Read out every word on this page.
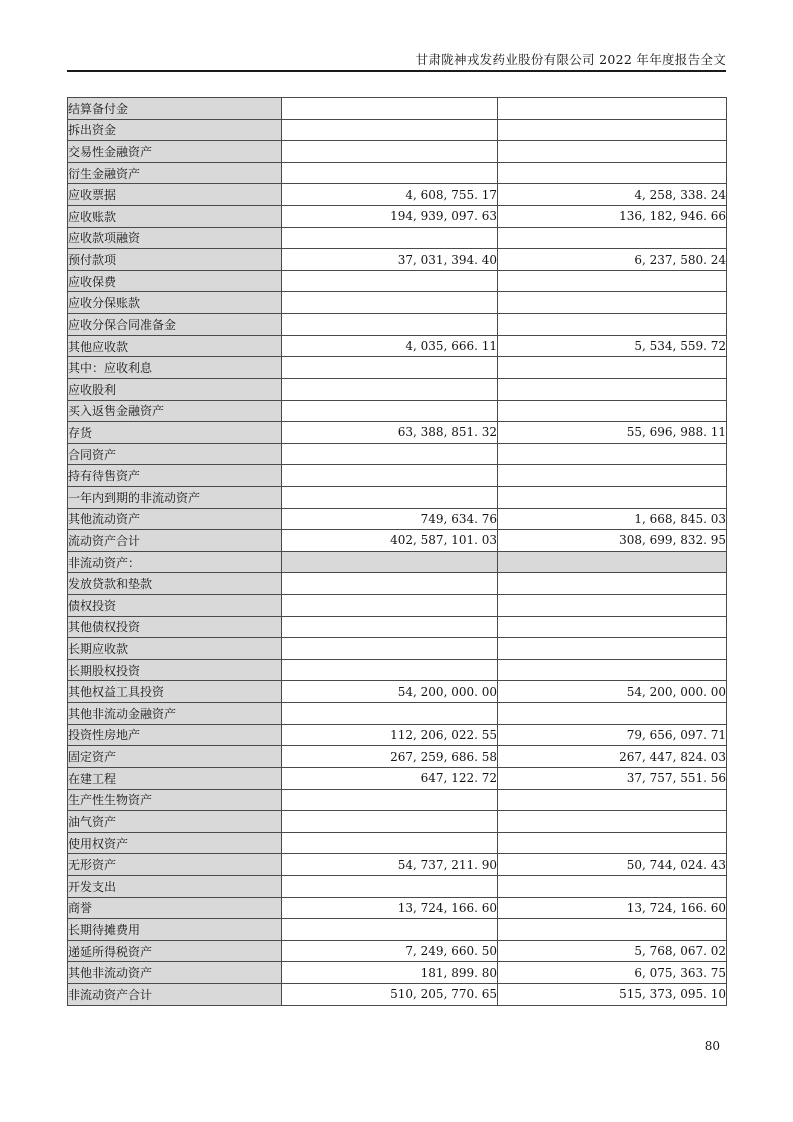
甘肃陇神戎发药业股份有限公司 2022 年年度报告全文
结算备付金		
拆出资金		
交易性金融资产		
衍生金融资产		
应收票据	4, 608, 755. 17	4, 258, 338. 24
应收账款	194, 939, 097. 63	136, 182, 946. 66
应收款项融资		
预付款项	37, 031, 394. 40	6, 237, 580. 24
应收保费		
应收分保账款		
应收分保合同准备金		
其他应收款	4, 035, 666. 11	5, 534, 559. 72
其中：应收利息		
应收股利		
买入返售金融资产		
存货	63, 388, 851. 32	55, 696, 988. 11
合同资产		
持有待售资产		
一年内到期的非流动资产		
其他流动资产	749, 634. 76	1, 668, 845. 03
流动资产合计	402, 587, 101. 03	308, 699, 832. 95
非流动资产：		
发放贷款和垫款		
债权投资		
其他债权投资		
长期应收款		
长期股权投资		
其他权益工具投资	54, 200, 000. 00	54, 200, 000. 00
其他非流动金融资产		
投资性房地产	112, 206, 022. 55	79, 656, 097. 71
固定资产	267, 259, 686. 58	267, 447, 824. 03
在建工程	647, 122. 72	37, 757, 551. 56
生产性生物资产		
油气资产		
使用权资产		
无形资产	54, 737, 211. 90	50, 744, 024. 43
开发支出		
商誉	13, 724, 166. 60	13, 724, 166. 60
长期待摊费用		
递延所得税资产	7, 249, 660. 50	5, 768, 067. 02
其他非流动资产	181, 899. 80	6, 075, 363. 75
非流动资产合计	510, 205, 770. 65	515, 373, 095. 10
80
